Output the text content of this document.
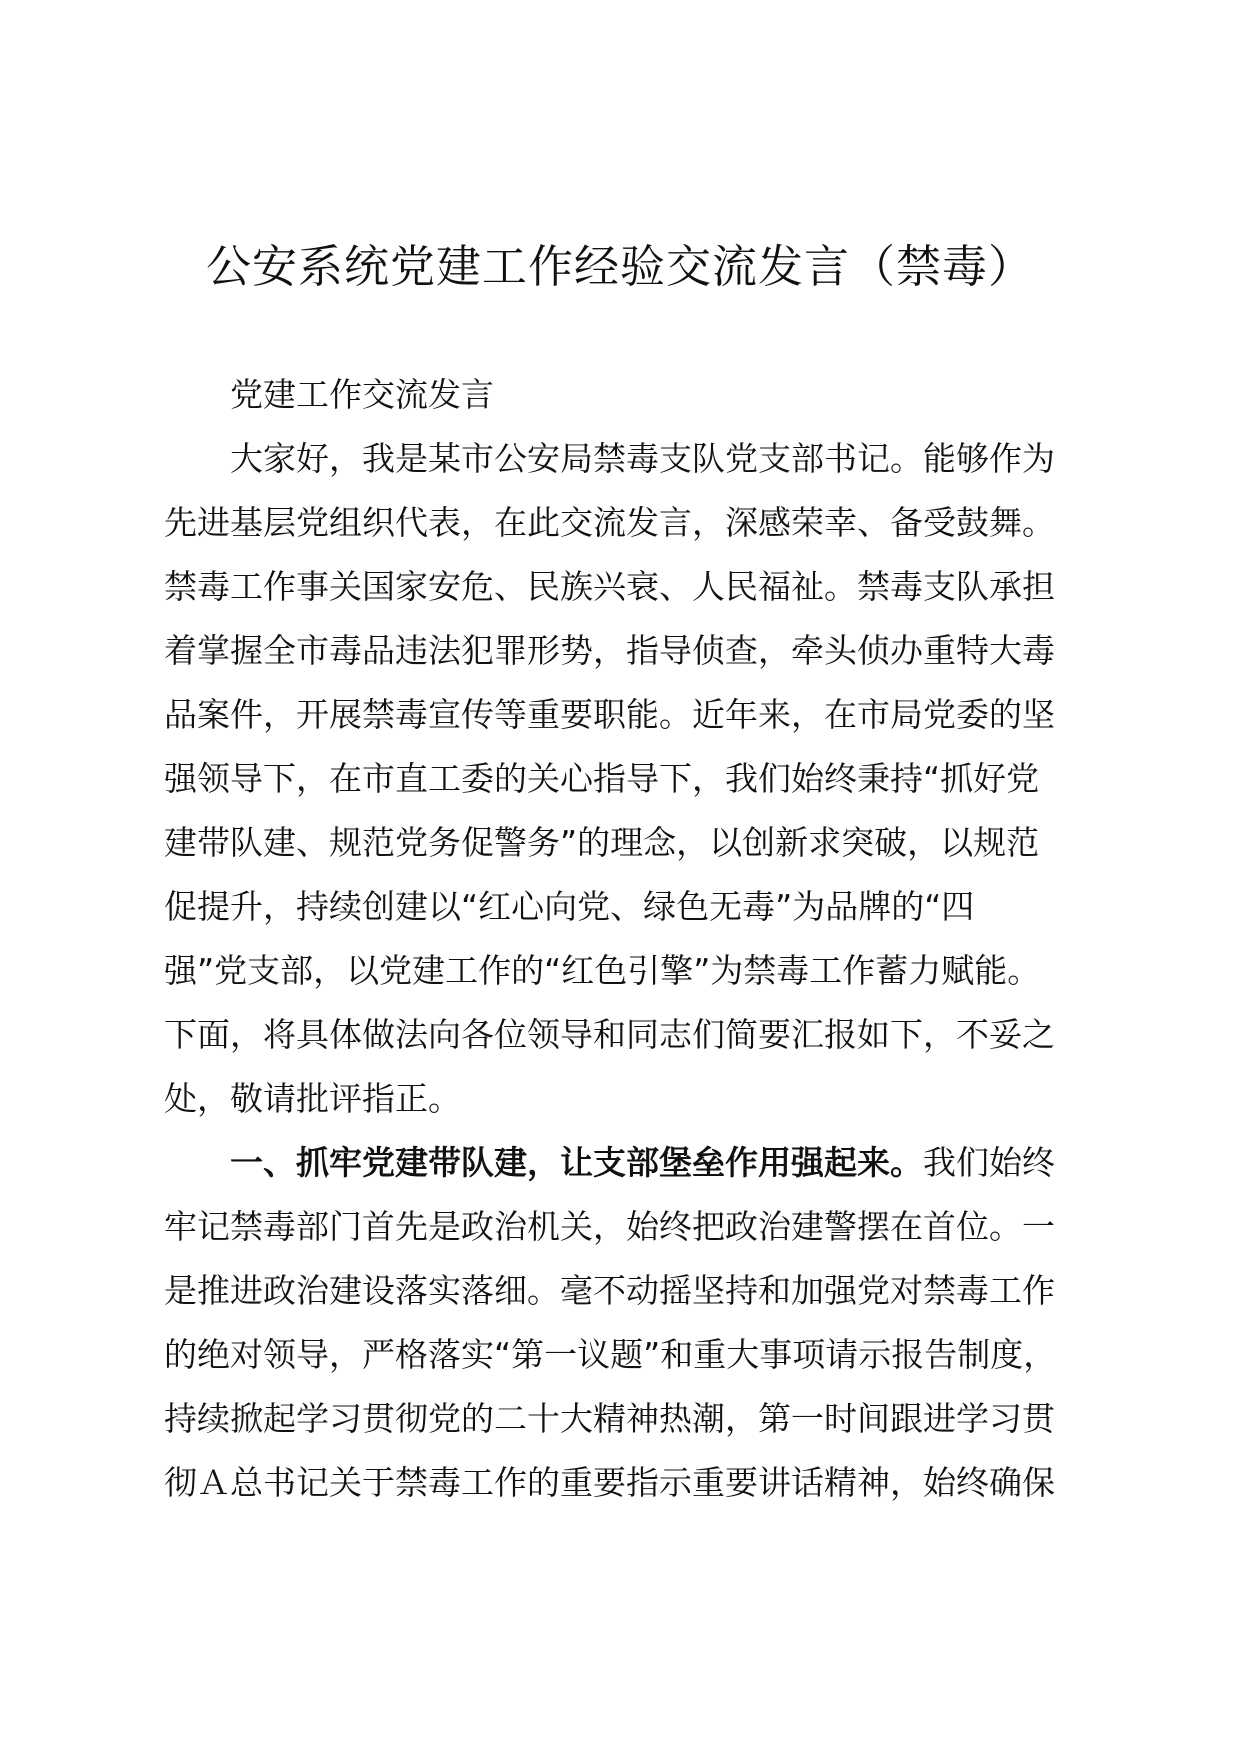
公安系统党建工作经验交流发言（禁毒）
党建工作交流发言
大家好，我是某市公安局禁毒支队党支部书记。能够作为
先进基层党组织代表，在此交流发言，深感荣幸、备受鼓舞。
禁毒工作事关国家安危、民族兴衰、人民福祉。禁毒支队承担
着掌握全市毒品违法犯罪形势，指导侦查，牵头侦办重特大毒
品案件，开展禁毒宣传等重要职能。近年来，在市局党委的坚
强领导下，在市直工委的关心指导下，我们始终秉持“抓好党
建带队建、规范党务促警务”的理念，以创新求突破，以规范
促提升，持续创建以“红心向党、绿色无毒”为品牌的“四
强”党支部，以党建工作的“红色引擎”为禁毒工作蓄力赋能。
下面，将具体做法向各位领导和同志们简要汇报如下，不妥之
处，敬请批评指正。
一、抓牢党建带队建，让支部堡垒作用强起来。我们始终
牢记禁毒部门首先是政治机关，始终把政治建警摆在首位。一
是推进政治建设落实落细。毫不动摇坚持和加强党对禁毒工作
的绝对领导，严格落实“第一议题”和重大事项请示报告制度，
持续掀起学习贯彻党的二十大精神热潮，第一时间跟进学习贯
彻Ａ总书记关于禁毒工作的重要指示重要讲话精神，始终确保
